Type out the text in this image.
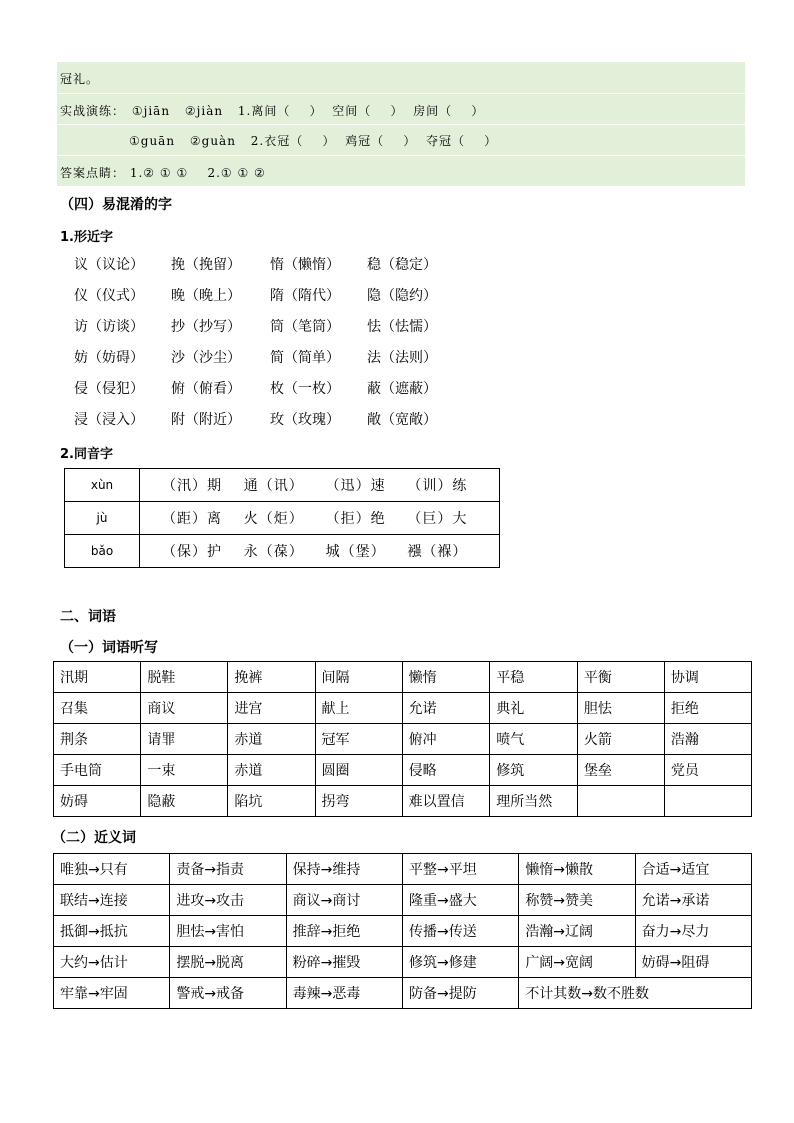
冠礼。
实战演练： ①jiān ②jiàn 1.离间（    ）  空间（    ）  房间（    ）
①guān ②guàn 2.衣冠（    ）  鸡冠（    ）  夺冠（    ）
答案点睛： 1.② ① ①    2.① ① ②
（四）易混淆的字
1.形近字
议（议论） 挽（挽留） 惰（懒惰） 稳（稳定）
仪（仪式） 晚（晚上） 隋（隋代） 隐（隐约）
访（访谈） 抄（抄写） 筒（笔筒） 怯（怯懦）
妨（妨碍） 沙（沙尘） 简（简单） 法（法则）
侵（侵犯） 俯（俯看） 枚（一枚） 蔽（遮蔽）
浸（浸入） 附（附近） 玫（玫瑰） 敞（宽敞）
2.同音字
xùn	（汛）期    通（讯）    （迅）速    （训）练
jù	（距）离    火（炬）    （拒）绝    （巨）大
bǎo	（保）护    永（葆）    城（堡）    襁（褓）
二、词语
（一）词语听写
汛期	脱鞋	挽裤	间隔	懒惰	平稳	平衡	协调
召集	商议	进宫	献上	允诺	典礼	胆怯	拒绝
荆条	请罪	赤道	冠军	俯冲	喷气	火箭	浩瀚
手电筒	一束	赤道	圆圈	侵略	修筑	堡垒	党员
妨碍	隐蔽	陷坑	拐弯	难以置信	理所当然		
（二）近义词
唯独→只有	责备→指责	保持→维持	平整→平坦	懒惰→懒散	合适→适宜
联结→连接	进攻→攻击	商议→商讨	隆重→盛大	称赞→赞美	允诺→承诺
抵御→抵抗	胆怯→害怕	推辞→拒绝	传播→传送	浩瀚→辽阔	奋力→尽力
大约→估计	摆脱→脱离	粉碎→摧毁	修筑→修建	广阔→宽阔	妨碍→阻碍
牢靠→牢固	警戒→戒备	毒辣→恶毒	防备→提防	不计其数→数不胜数	
